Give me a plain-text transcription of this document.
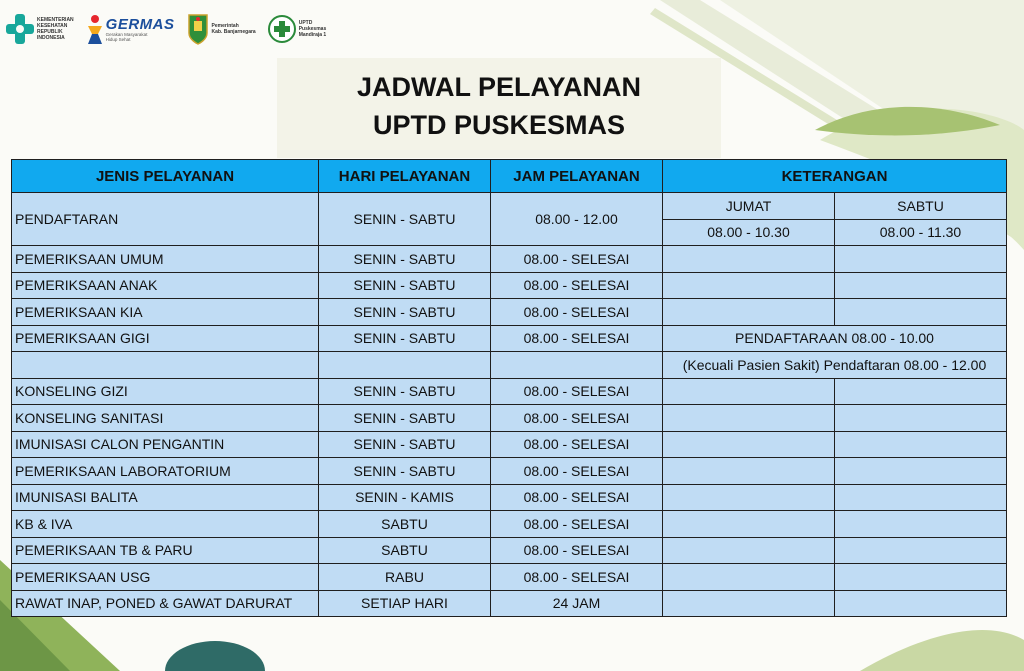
KEMENTERIAN
KESEHATAN
REPUBLIK
INDONESIA
GERMAS
Gerakan Masyarakat
Hidup Sehat
Pemerintah
Kab. Banjarnegara
UPTD
Puskesmas
Mandiraja 1
JADWAL PELAYANAN
UPTD PUSKESMAS
JENIS PELAYANAN	HARI PELAYANAN	JAM PELAYANAN	KETERANGAN	
PENDAFTARAN	SENIN - SABTU	08.00 - 12.00	JUMAT	SABTU
			08.00 - 10.30	08.00 - 11.30
PEMERIKSAAN UMUM	SENIN - SABTU	08.00 - SELESAI		
PEMERIKSAAN ANAK	SENIN - SABTU	08.00 - SELESAI		
PEMERIKSAAN KIA	SENIN - SABTU	08.00 - SELESAI		
PEMERIKSAAN GIGI	SENIN - SABTU	08.00 - SELESAI	PENDAFTARAAN 08.00 - 10.00	
			(Kecuali Pasien Sakit) Pendaftaran 08.00 - 12.00	
KONSELING GIZI	SENIN - SABTU	08.00 - SELESAI		
KONSELING SANITASI	SENIN - SABTU	08.00 - SELESAI		
IMUNISASI CALON PENGANTIN	SENIN - SABTU	08.00 - SELESAI		
PEMERIKSAAN LABORATORIUM	SENIN - SABTU	08.00 - SELESAI		
IMUNISASI BALITA	SENIN - KAMIS	08.00 - SELESAI		
KB & IVA	SABTU	08.00 - SELESAI		
PEMERIKSAAN TB & PARU	SABTU	08.00 - SELESAI		
PEMERIKSAAN USG	RABU	08.00 - SELESAI		
RAWAT INAP, PONED & GAWAT DARURAT	SETIAP HARI	24 JAM		
